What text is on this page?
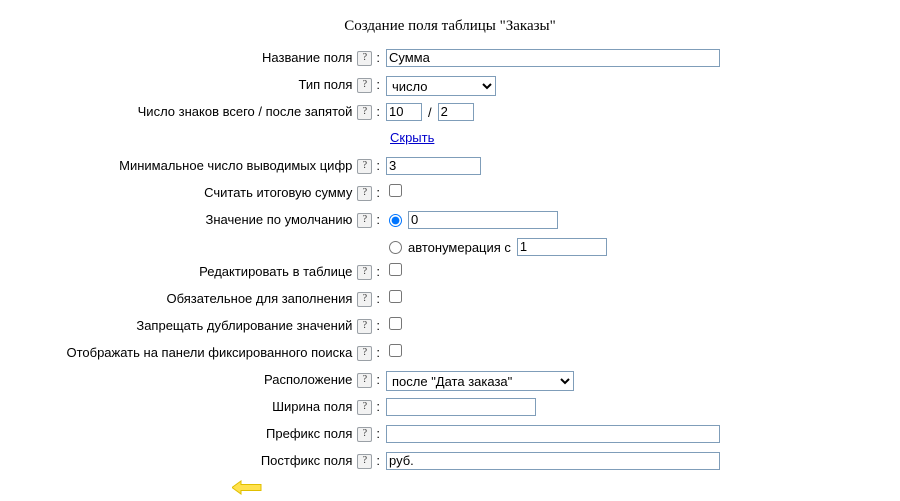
Создание поля таблицы "Заказы"
Название поля	? :
Сумма
Тип поля	? :
число
Число знаков всего / после запятой	? :
10	/
2
Скрыть
Минимальное число выводимых цифр	? :
3
Считать итоговую сумму	? :
Значение по умолчанию	? :
0
автонумерация с
1
Редактировать в таблице	? :
Обязательное для заполнения	? :
Запрещать дублирование значений	? :
Отображать на панели фиксированного поиска	? :
Расположение	? :
после "Дата заказа"
Ширина поля	? :
Префикс поля	? :
Постфикс поля	? :
руб.
